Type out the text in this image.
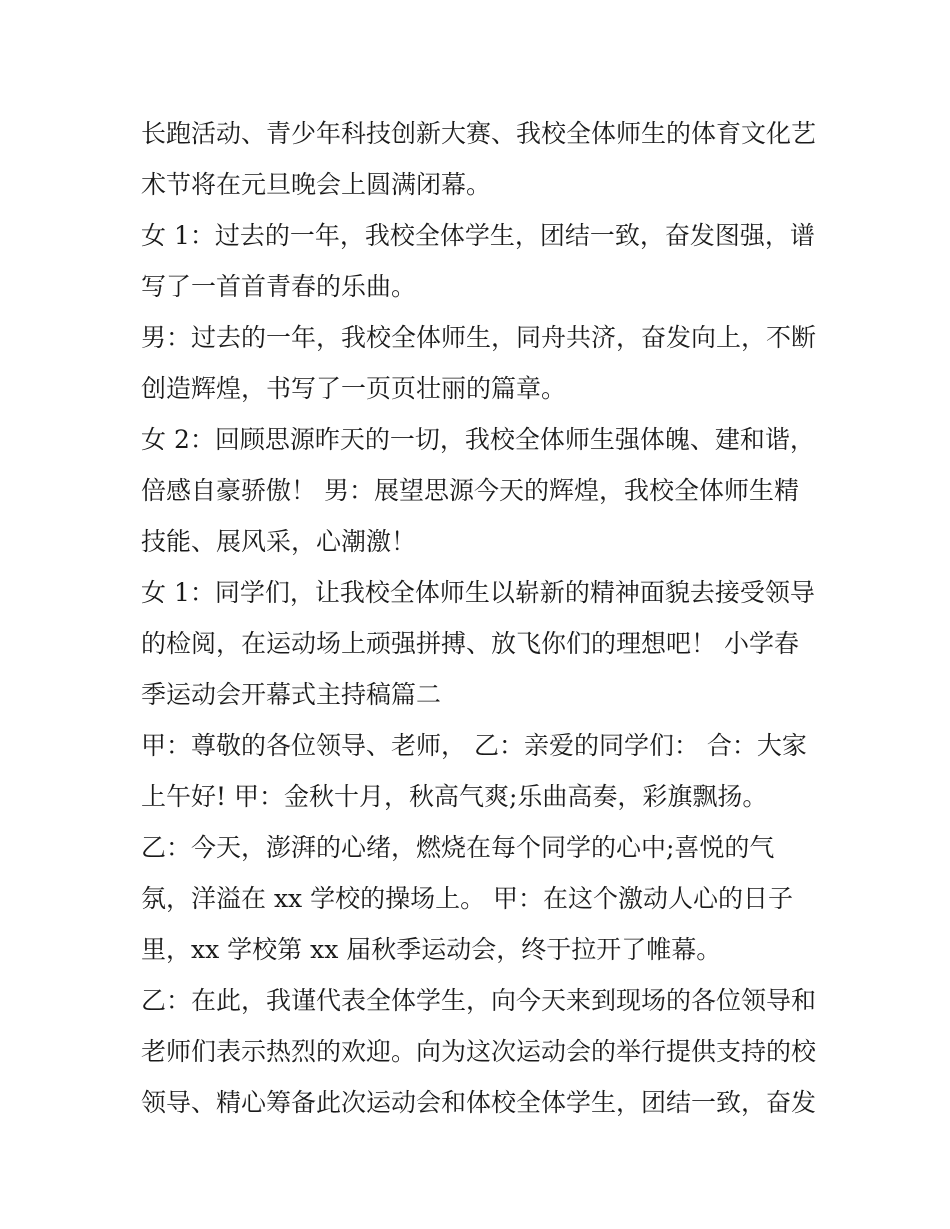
长跑活动、青少年科技创新大赛、我校全体师生的体育文化艺
术节将在元旦晚会上圆满闭幕。
女 1：过去的一年，我校全体学生，团结一致，奋发图强，谱
写了一首首青春的乐曲。
男：过去的一年，我校全体师生，同舟共济，奋发向上，不断
创造辉煌，书写了一页页壮丽的篇章。
女 2：回顾思源昨天的一切，我校全体师生强体魄、建和谐，
倍感自豪骄傲！ 男：展望思源今天的辉煌，我校全体师生精
技能、展风采，心潮激！
女 1：同学们，让我校全体师生以崭新的精神面貌去接受领导
的检阅，在运动场上顽强拼搏、放飞你们的理想吧！ 小学春
季运动会开幕式主持稿篇二
甲：尊敬的各位领导、老师， 乙：亲爱的同学们： 合：大家
上午好! 甲：金秋十月，秋高气爽;乐曲高奏，彩旗飘扬。
乙：今天，澎湃的心绪，燃烧在每个同学的心中;喜悦的气
氛，洋溢在 xx 学校的操场上。 甲：在这个激动人心的日子
里，xx 学校第 xx 届秋季运动会，终于拉开了帷幕。
乙：在此，我谨代表全体学生，向今天来到现场的各位领导和
老师们表示热烈的欢迎。向为这次运动会的举行提供支持的校
领导、精心筹备此次运动会和体校全体学生，团结一致，奋发
